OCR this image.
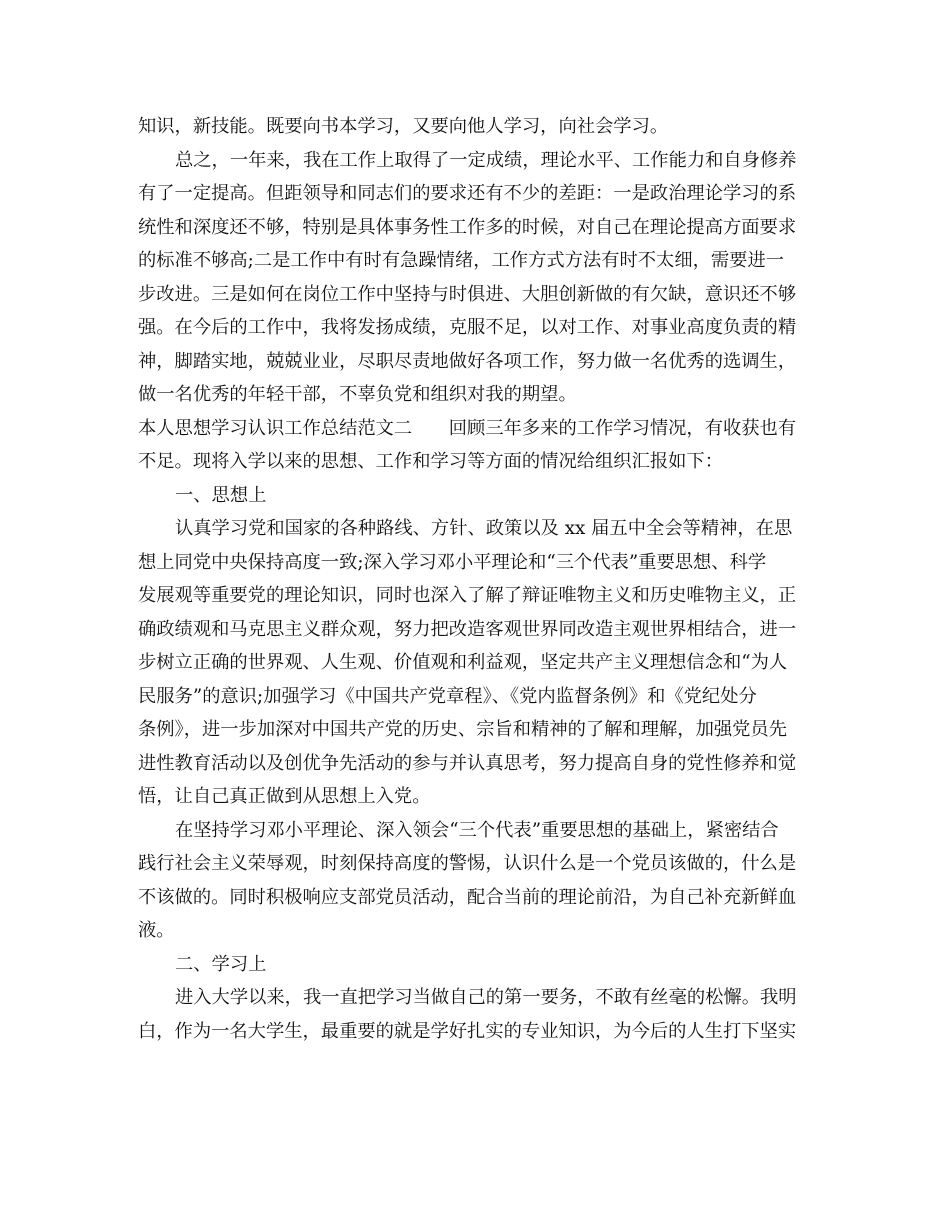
知识，新技能。既要向书本学习，又要向他人学习，向社会学习。
总之，一年来，我在工作上取得了一定成绩，理论水平、工作能力和自身修养
有了一定提高。但距领导和同志们的要求还有不少的差距：一是政治理论学习的系
统性和深度还不够，特别是具体事务性工作多的时候，对自己在理论提高方面要求
的标准不够高;二是工作中有时有急躁情绪，工作方式方法有时不太细，需要进一
步改进。三是如何在岗位工作中坚持与时俱进、大胆创新做的有欠缺，意识还不够
强。在今后的工作中，我将发扬成绩，克服不足，以对工作、对事业高度负责的精
神，脚踏实地，兢兢业业，尽职尽责地做好各项工作，努力做一名优秀的选调生，
做一名优秀的年轻干部，不辜负党和组织对我的期望。
本人思想学习认识工作总结范文二　　回顾三年多来的工作学习情况，有收获也有
不足。现将入学以来的思想、工作和学习等方面的情况给组织汇报如下：
一、思想上
认真学习党和国家的各种路线、方针、政策以及 xx 届五中全会等精神，在思
想上同党中央保持高度一致;深入学习邓小平理论和“三个代表”重要思想、科学
发展观等重要党的理论知识，同时也深入了解了辩证唯物主义和历史唯物主义，正
确政绩观和马克思主义群众观，努力把改造客观世界同改造主观世界相结合，进一
步树立正确的世界观、人生观、价值观和利益观，坚定共产主义理想信念和“为人
民服务”的意识;加强学习《中国共产党章程》、《党内监督条例》和《党纪处分
条例》，进一步加深对中国共产党的历史、宗旨和精神的了解和理解，加强党员先
进性教育活动以及创优争先活动的参与并认真思考，努力提高自身的党性修养和觉
悟，让自己真正做到从思想上入党。
在坚持学习邓小平理论、深入领会“三个代表”重要思想的基础上，紧密结合
践行社会主义荣辱观，时刻保持高度的警惕，认识什么是一个党员该做的，什么是
不该做的。同时积极响应支部党员活动，配合当前的理论前沿，为自己补充新鲜血
液。
二、学习上
进入大学以来，我一直把学习当做自己的第一要务，不敢有丝毫的松懈。我明
白，作为一名大学生，最重要的就是学好扎实的专业知识，为今后的人生打下坚实
